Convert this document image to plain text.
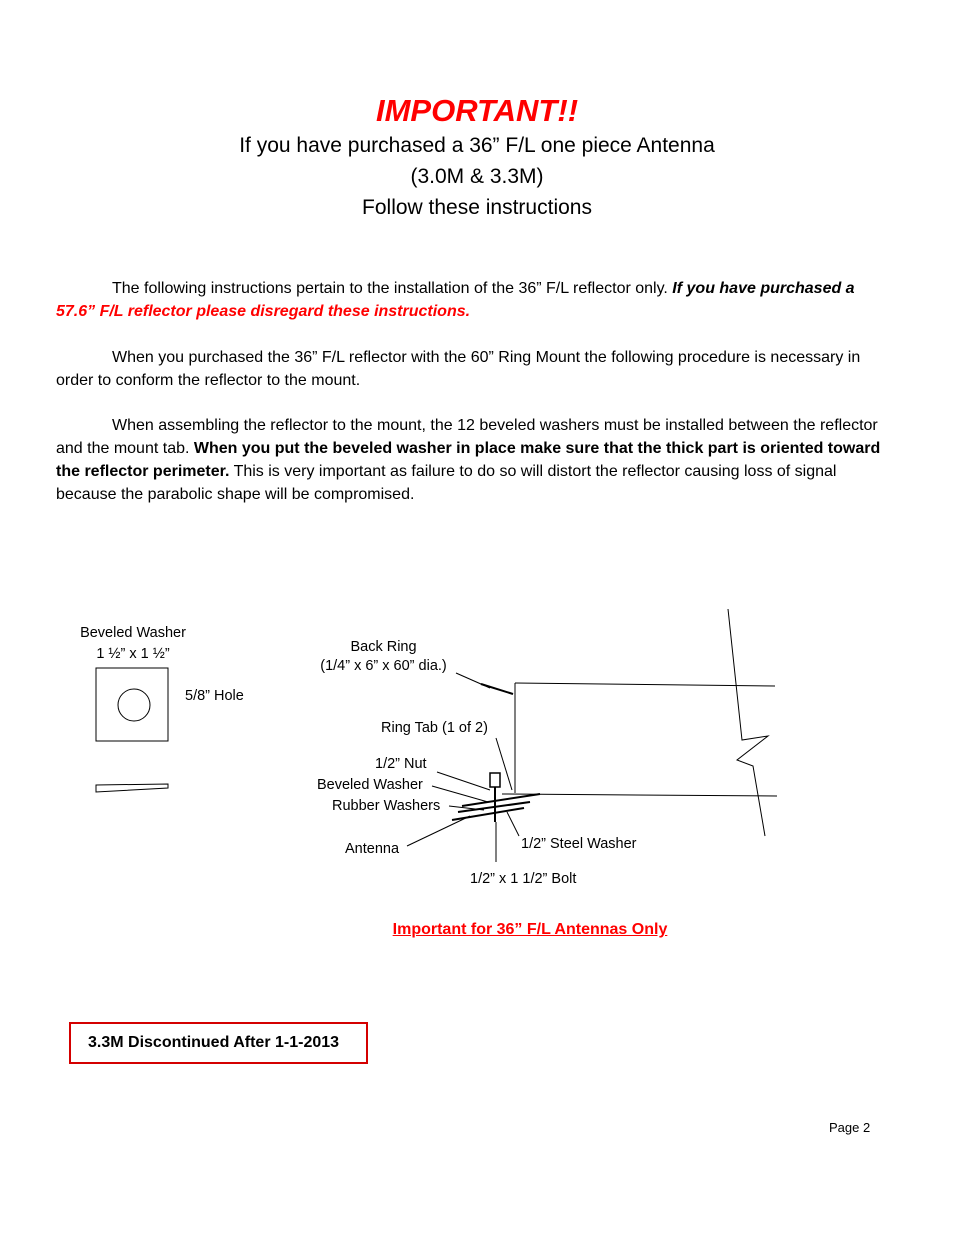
IMPORTANT!!
If you have purchased a 36” F/L one piece Antenna
(3.0M & 3.3M)
Follow these instructions
The following instructions pertain to the installation of the 36” F/L reflector only. If you have purchased a 57.6” F/L reflector please disregard these instructions.
When you purchased the 36” F/L reflector with the 60” Ring Mount the following procedure is necessary in order to conform the reflector to the mount.
When assembling the reflector to the mount, the 12 beveled washers must be installed between the reflector and the mount tab. When you put the beveled washer in place make sure that the thick part is oriented toward the reflector perimeter. This is very important as failure to do so will distort the reflector causing loss of signal because the parabolic shape will be compromised.
Beveled Washer
1 ½” x 1 ½”
5/8” Hole
Back Ring
(1/4” x 6” x 60” dia.)
Ring Tab (1 of 2)
1/2” Nut
Beveled Washer
Rubber Washers
Antenna	1/2” Steel Washer
1/2” x 1 1/2” Bolt
Important for 36” F/L Antennas Only
3.3M Discontinued After 1-1-2013
Page 2
